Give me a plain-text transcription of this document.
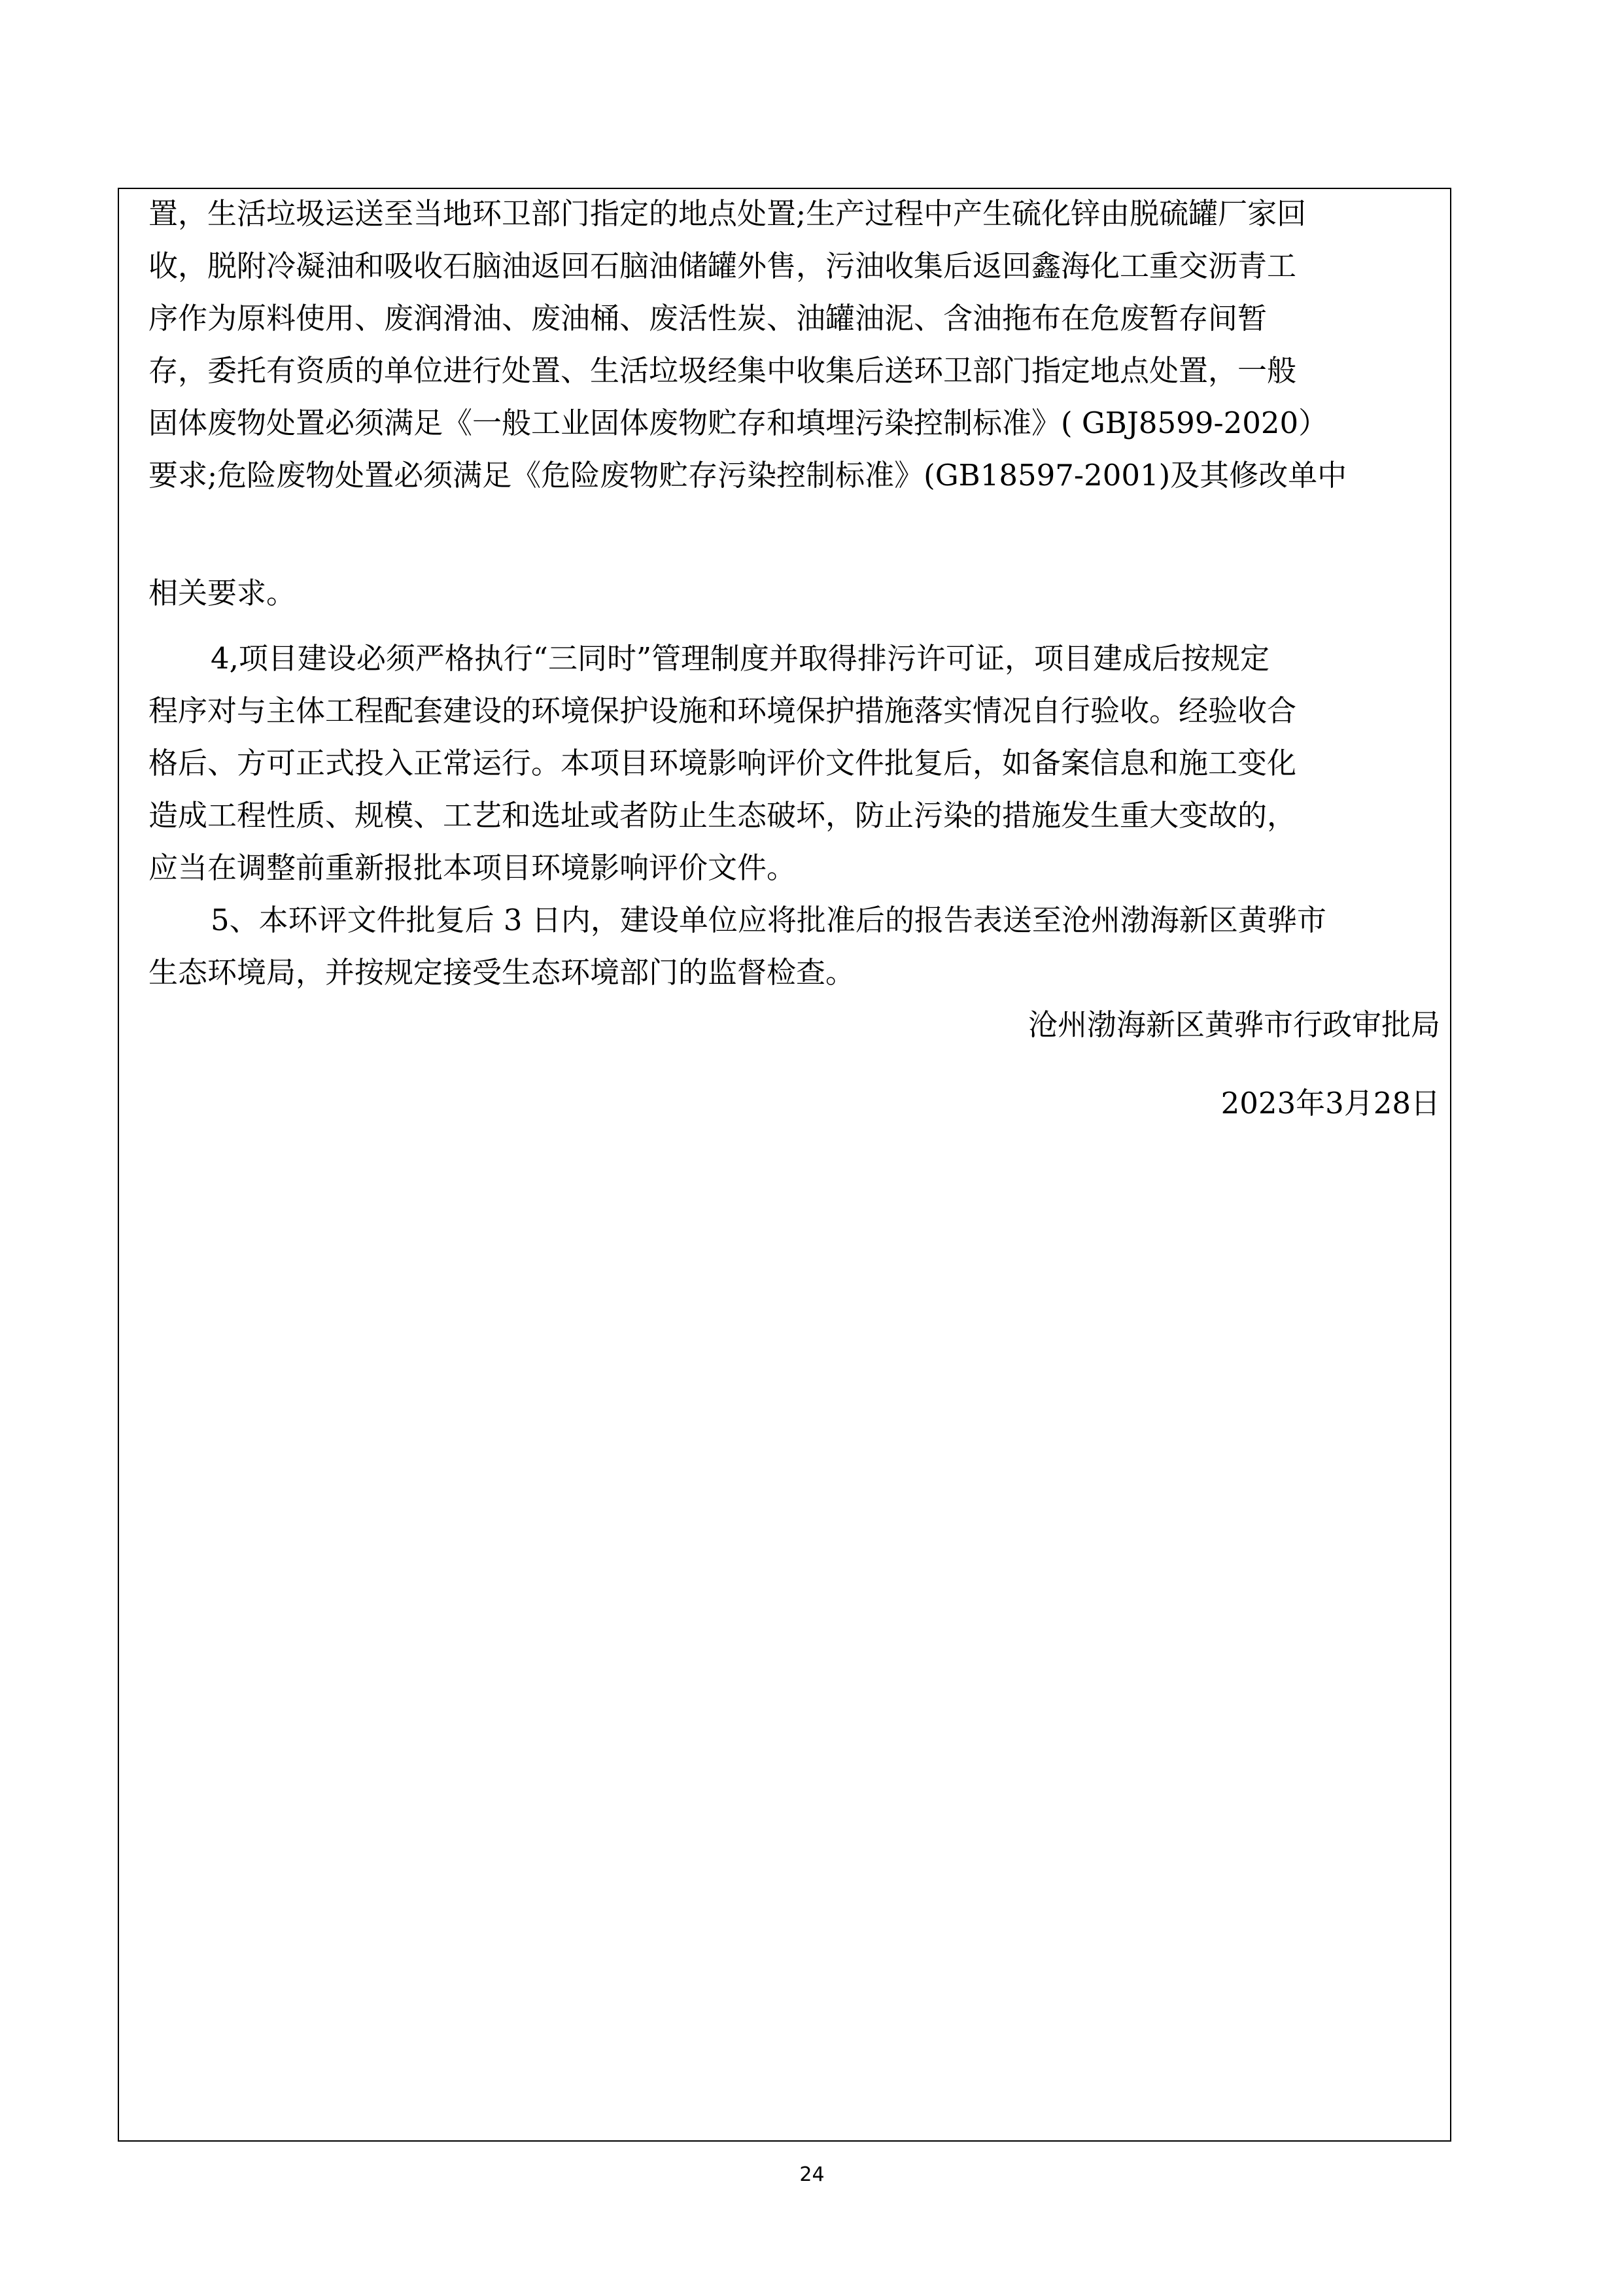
置，生活垃圾运送至当地环卫部门指定的地点处置;生产过程中产生硫化锌由脱硫罐厂家回
收，脱附冷凝油和吸收石脑油返回石脑油储罐外售，污油收集后返回鑫海化工重交沥青工
序作为原料使用、废润滑油、废油桶、废活性炭、油罐油泥、含油拖布在危废暂存间暂
存，委托有资质的单位进行处置、生活垃圾经集中收集后送环卫部门指定地点处置，一般
固体废物处置必须满足《一般工业固体废物贮存和填埋污染控制标准》( GBJ8599-2020）
要求;危险废物处置必须满足《危险废物贮存污染控制标准》(GB18597-2001)及其修改单中
相关要求。
4,项目建设必须严格执行“三同时”管理制度并取得排污许可证，项目建成后按规定
程序对与主体工程配套建设的环境保护设施和环境保护措施落实情况自行验收。经验收合
格后、方可正式投入正常运行。本项目环境影响评价文件批复后，如备案信息和施工变化
造成工程性质、规模、工艺和选址或者防止生态破坏，防止污染的措施发生重大变故的，
应当在调整前重新报批本项目环境影响评价文件。
5、本环评文件批复后 3 日内，建设单位应将批准后的报告表送至沧州渤海新区黄骅市
生态环境局，并按规定接受生态环境部门的监督检查。
沧州渤海新区黄骅市行政审批局
2023年3月28日
24
